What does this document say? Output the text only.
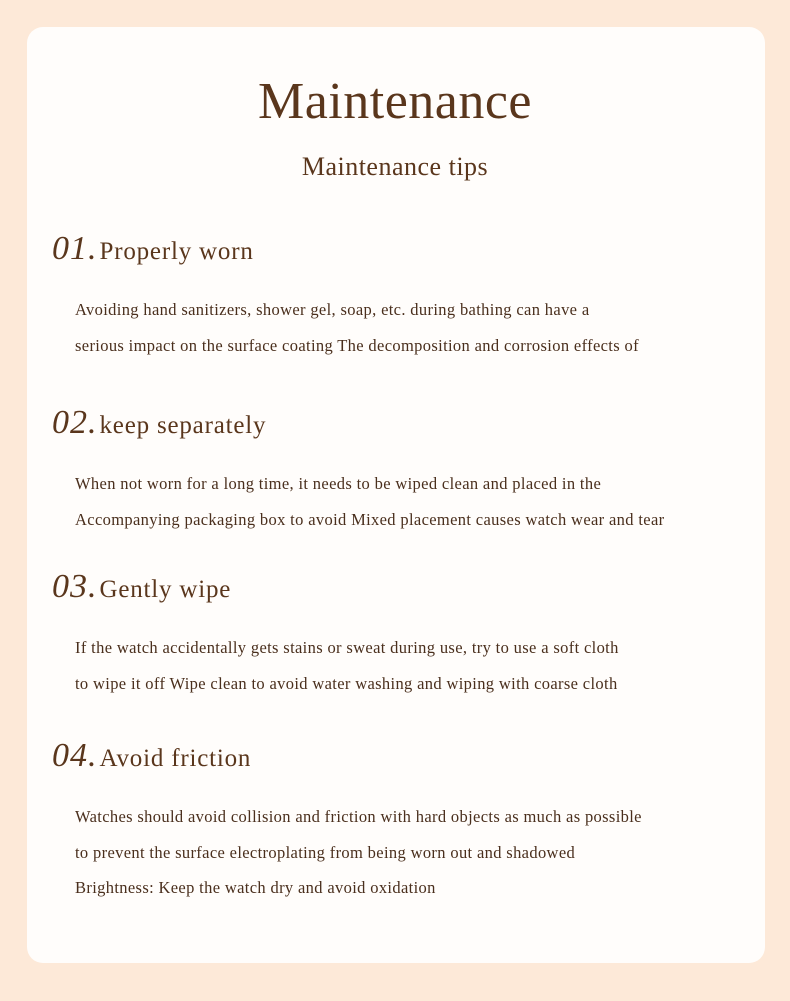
Maintenance
Maintenance tips
01. Properly worn
Avoiding hand sanitizers, shower gel, soap, etc. during bathing can have a
serious impact on the surface coating The decomposition and corrosion effects of
02. keep separately
When not worn for a long time, it needs to be wiped clean and placed in the
Accompanying packaging box to avoid Mixed placement causes watch wear and tear
03. Gently wipe
If the watch accidentally gets stains or sweat during use, try to use a soft cloth
to wipe it off Wipe clean to avoid water washing and wiping with coarse cloth
04. Avoid friction
Watches should avoid collision and friction with hard objects as much as possible
to prevent the surface electroplating from being worn out and shadowed
Brightness: Keep the watch dry and avoid oxidation
